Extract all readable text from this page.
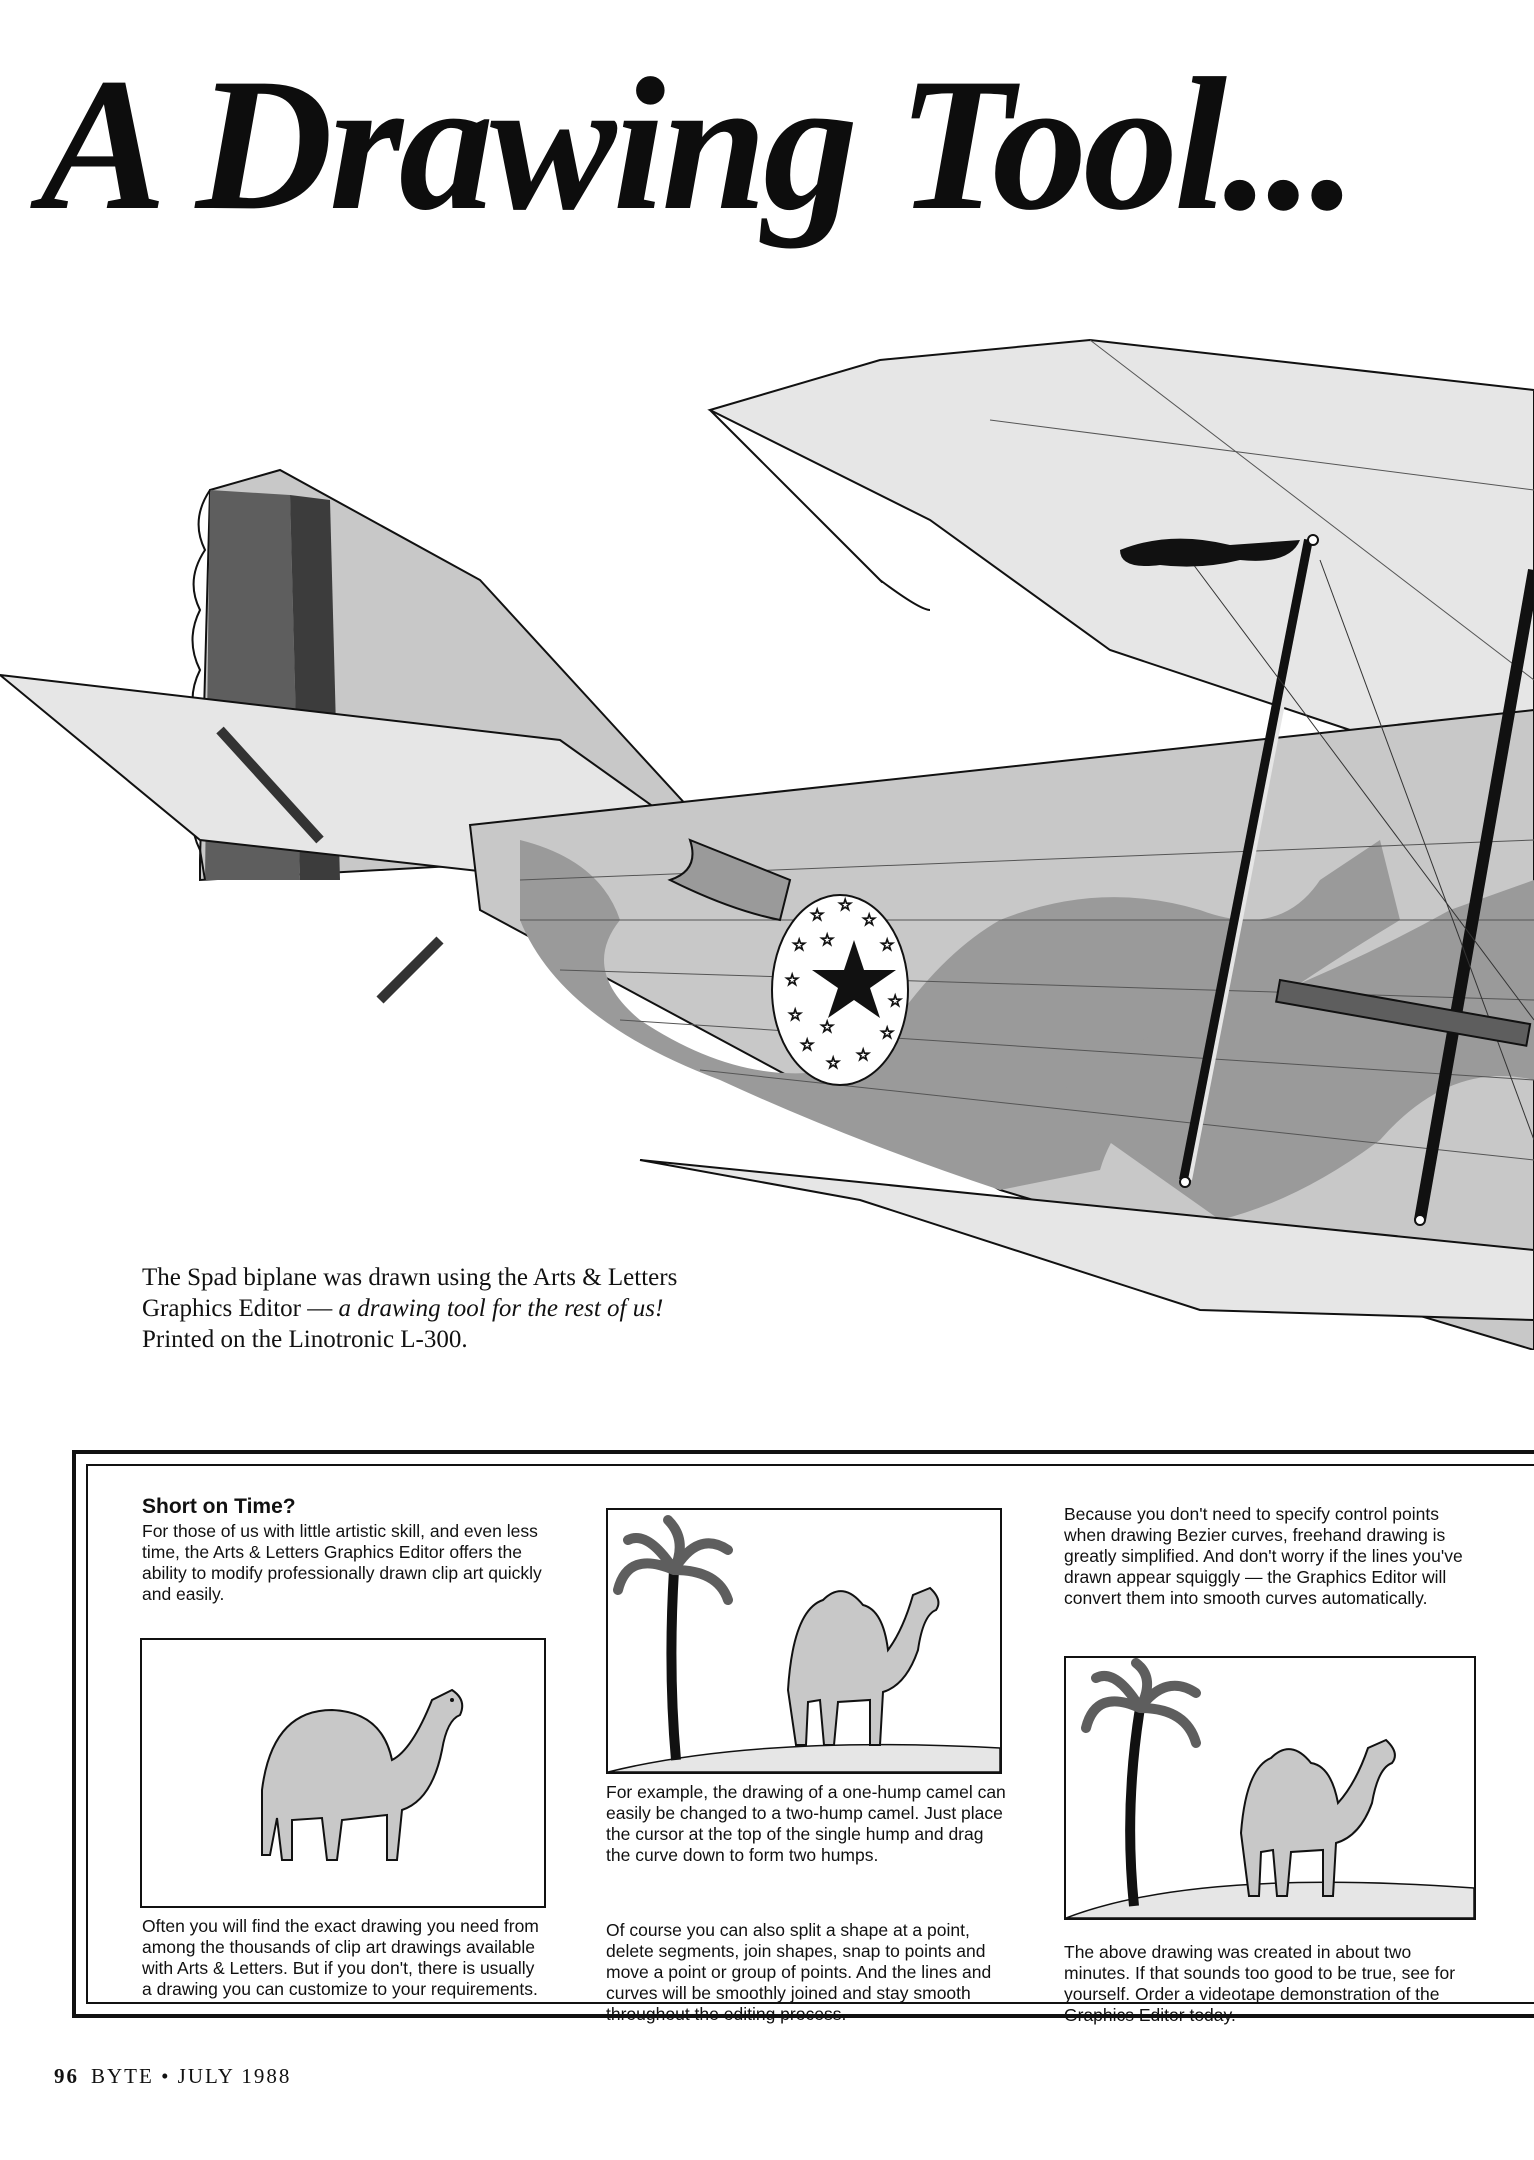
A Drawing Tool...
☆
☆
☆
☆
☆
☆
☆
☆
☆ ☆
☆
☆
☆
☆
The Spad biplane was drawn using the Arts & Letters
Graphics Editor — a drawing tool for the rest of us!
Printed on the Linotronic L-300.

Short on Time?

For those of us with little artistic skill, and even less time, the Arts & Letters Graphics Editor offers the ability to modify professionally drawn clip art quickly and easily.
Often you will find the exact drawing you need from among the thousands of clip art drawings available with Arts & Letters. But if you don't, there is usually a drawing you can customize to your requirements.
For example, the drawing of a one-hump camel can easily be changed to a two-hump camel. Just place the cursor at the top of the single hump and drag the curve down to form two humps.
Of course you can also split a shape at a point, delete segments, join shapes, snap to points and move a point or group of points. And the lines and curves will be smoothly joined and stay smooth throughout the editing process.
Because you don't need to specify control points when drawing Bezier curves, freehand drawing is greatly simplified. And don't worry if the lines you've drawn appear squiggly — the Graphics Editor will convert them into smooth curves automatically.
The above drawing was created in about two minutes. If that sounds too good to be true, see for yourself. Order a videotape demonstration of the Graphics Editor today.
96 BYTE • JULY 1988
